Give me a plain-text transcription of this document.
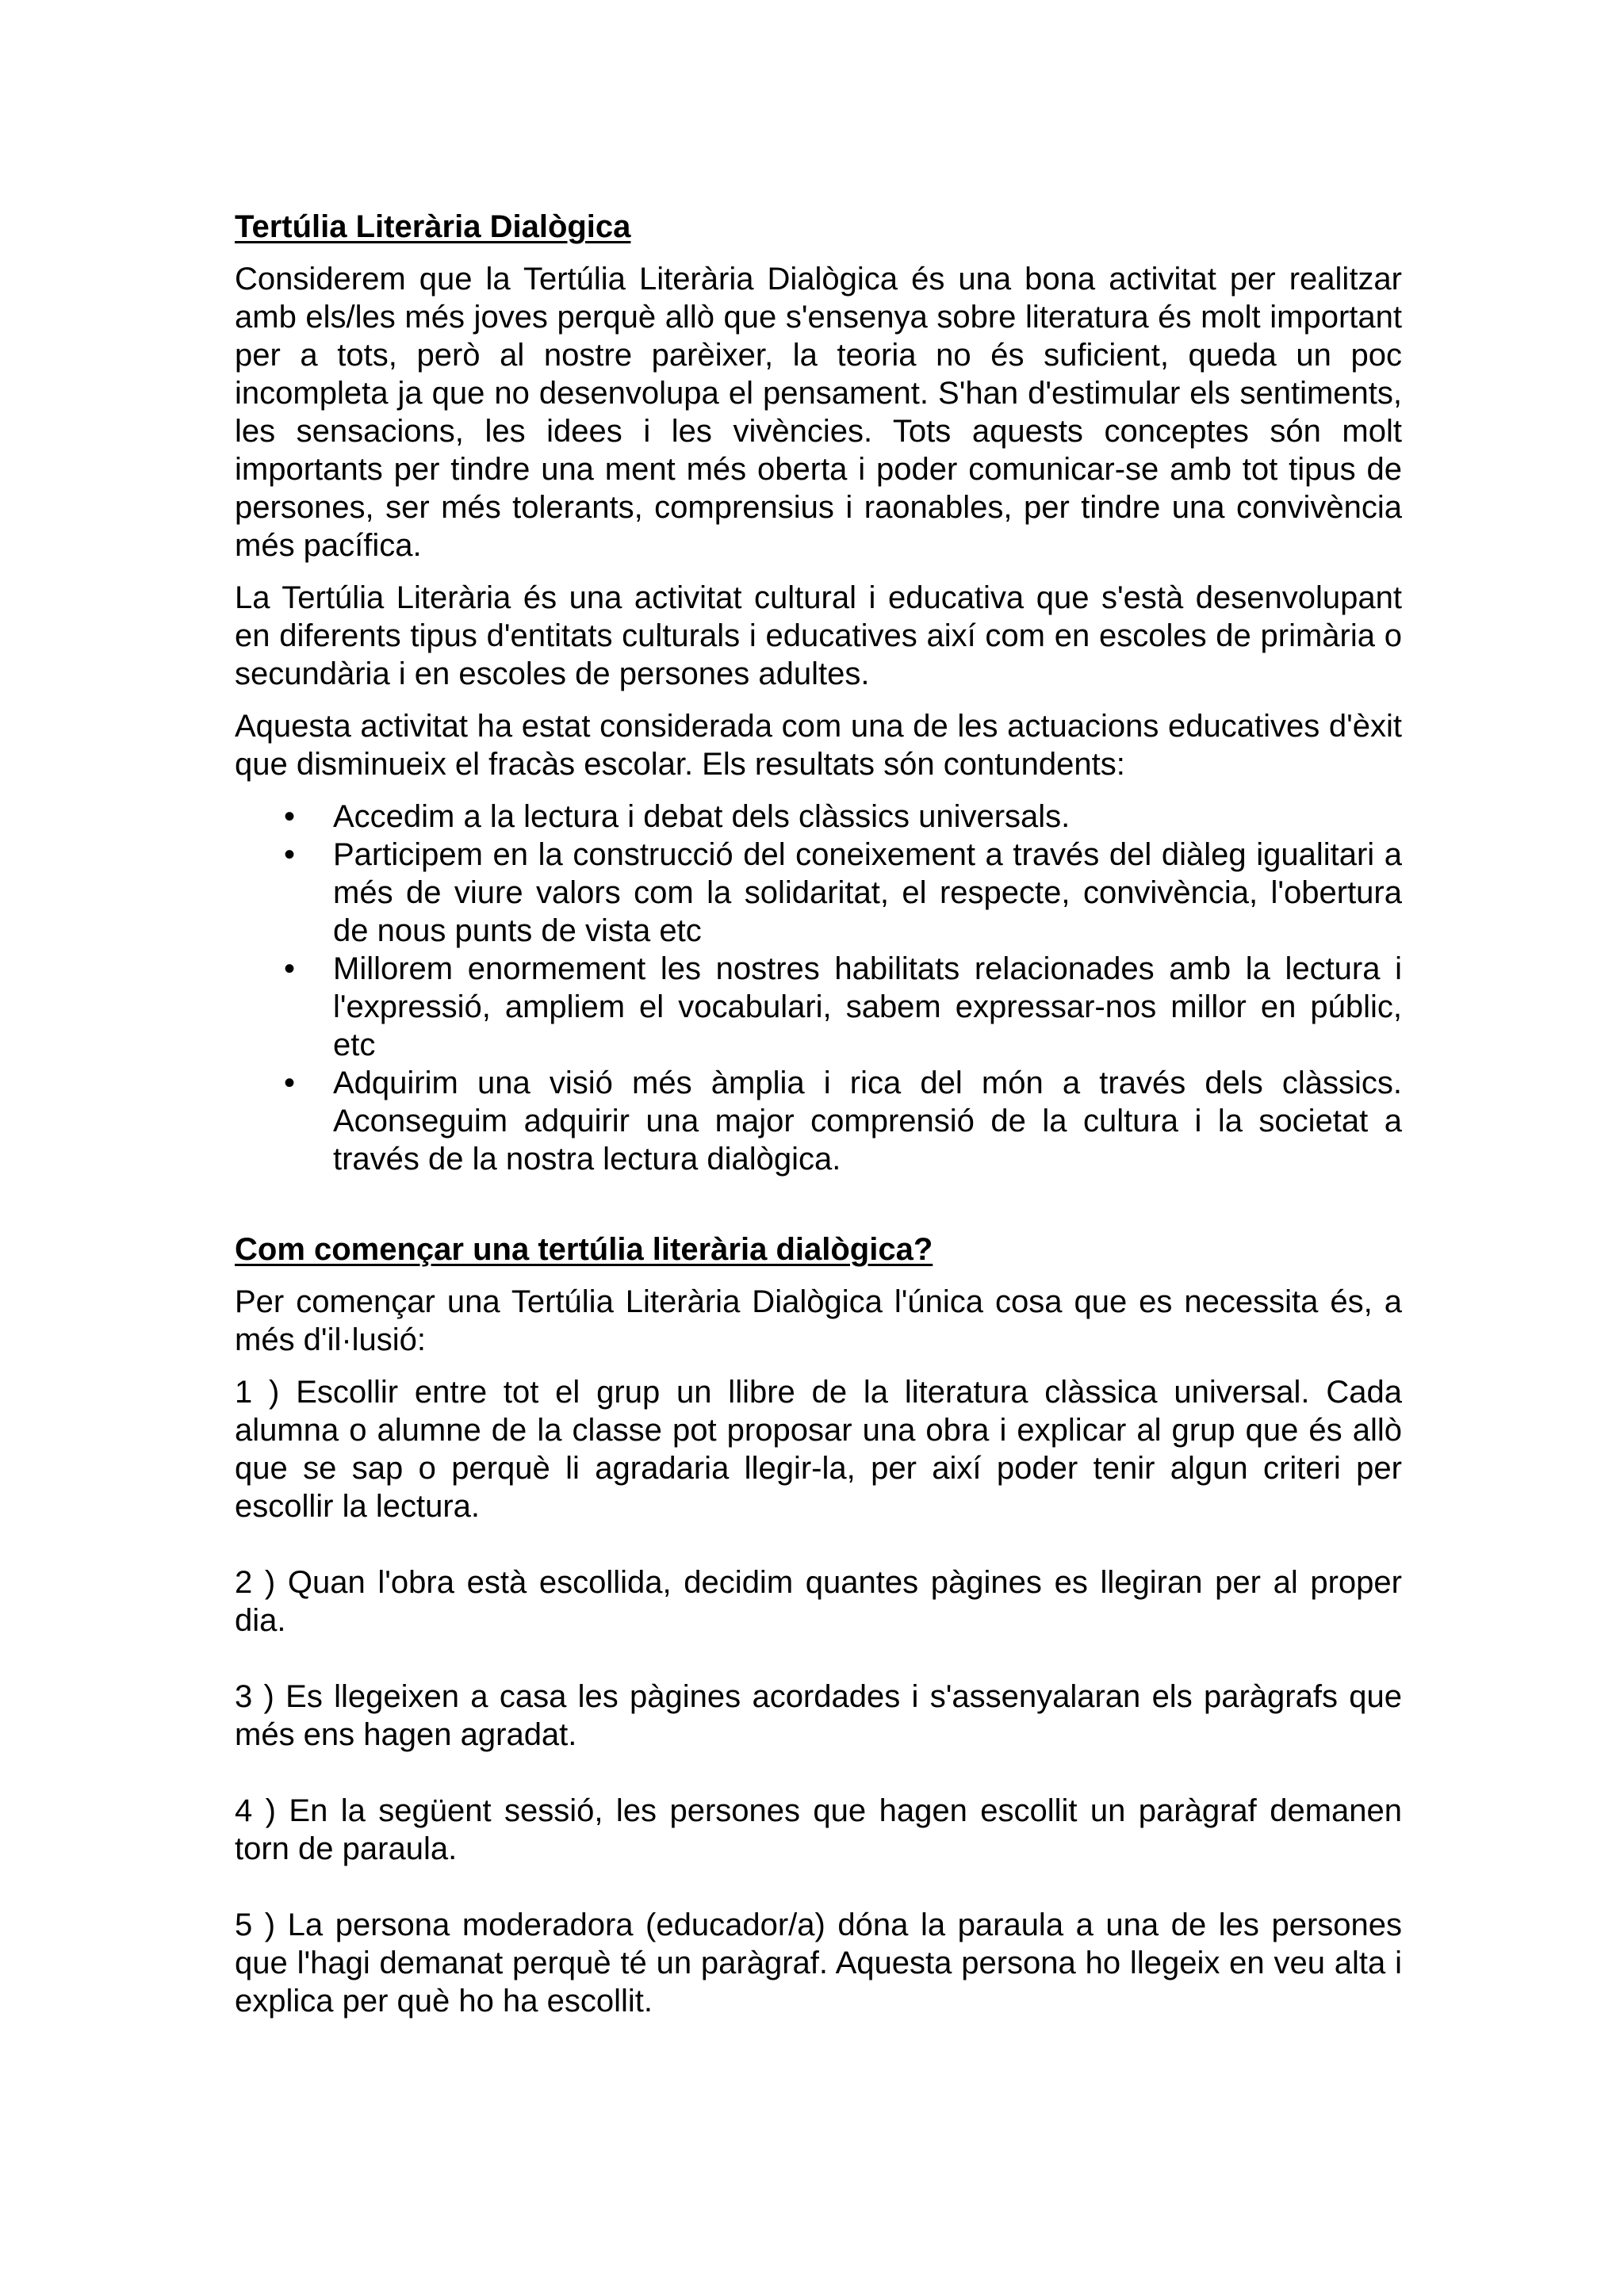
Tertúlia Literària Dialògica

Considerem que la Tertúlia Literària Dialògica és una bona activitat per realitzar amb els/les més joves perquè allò que s'ensenya sobre literatura és molt important per a tots, però al nostre parèixer, la teoria no és suficient, queda un poc incompleta ja que no desenvolupa el pensament. S'han d'estimular els sentiments, les sensacions, les idees i les vivències. Tots aquests conceptes són molt importants per tindre una ment més oberta i poder comunicar-se amb tot tipus de persones, ser més tolerants, comprensius i raonables, per tindre una convivència més pacífica.

La Tertúlia Literària és una activitat cultural i educativa que s'està desenvolupant en diferents tipus d'entitats culturals i educatives així com en escoles de primària o secundària i en escoles de persones adultes.

Aquesta activitat ha estat considerada com una de les actuacions educatives d'èxit que disminueix el fracàs escolar. Els resultats són contundents:

• Accedim a la lectura i debat dels clàssics universals.
• Participem en la construcció del coneixement a través del diàleg igualitari a més de viure valors com la solidaritat, el respecte, convivència, l'obertura de nous punts de vista etc
• Millorem enormement les nostres habilitats relacionades amb la lectura i l'expressió, ampliem el vocabulari, sabem expressar-nos millor en públic, etc
• Adquirim una visió més àmplia i rica del món a través dels clàssics. Aconseguim adquirir una major comprensió de la cultura i la societat a través de la nostra lectura dialògica.
Com començar una tertúlia literària dialògica?

Per començar una Tertúlia Literària Dialògica l'única cosa que es necessita és, a més d'il·lusió:

1 ) Escollir entre tot el grup un llibre de la literatura clàssica universal. Cada alumna o alumne de la classe pot proposar una obra i explicar al grup que és allò que se sap o perquè li agradaria llegir-la, per així poder tenir algun criteri per escollir la lectura.

2 ) Quan l'obra està escollida, decidim quantes pàgines es llegiran per al proper dia.

3 ) Es llegeixen a casa les pàgines acordades i s'assenyalaran els paràgrafs que més ens hagen agradat.

4 ) En la següent sessió, les persones que hagen escollit un paràgraf demanen torn de paraula.

5 ) La persona moderadora (educador/a) dóna la paraula a una de les persones que l'hagi demanat perquè té un paràgraf. Aquesta persona ho llegeix en veu alta i explica per què ho ha escollit.
